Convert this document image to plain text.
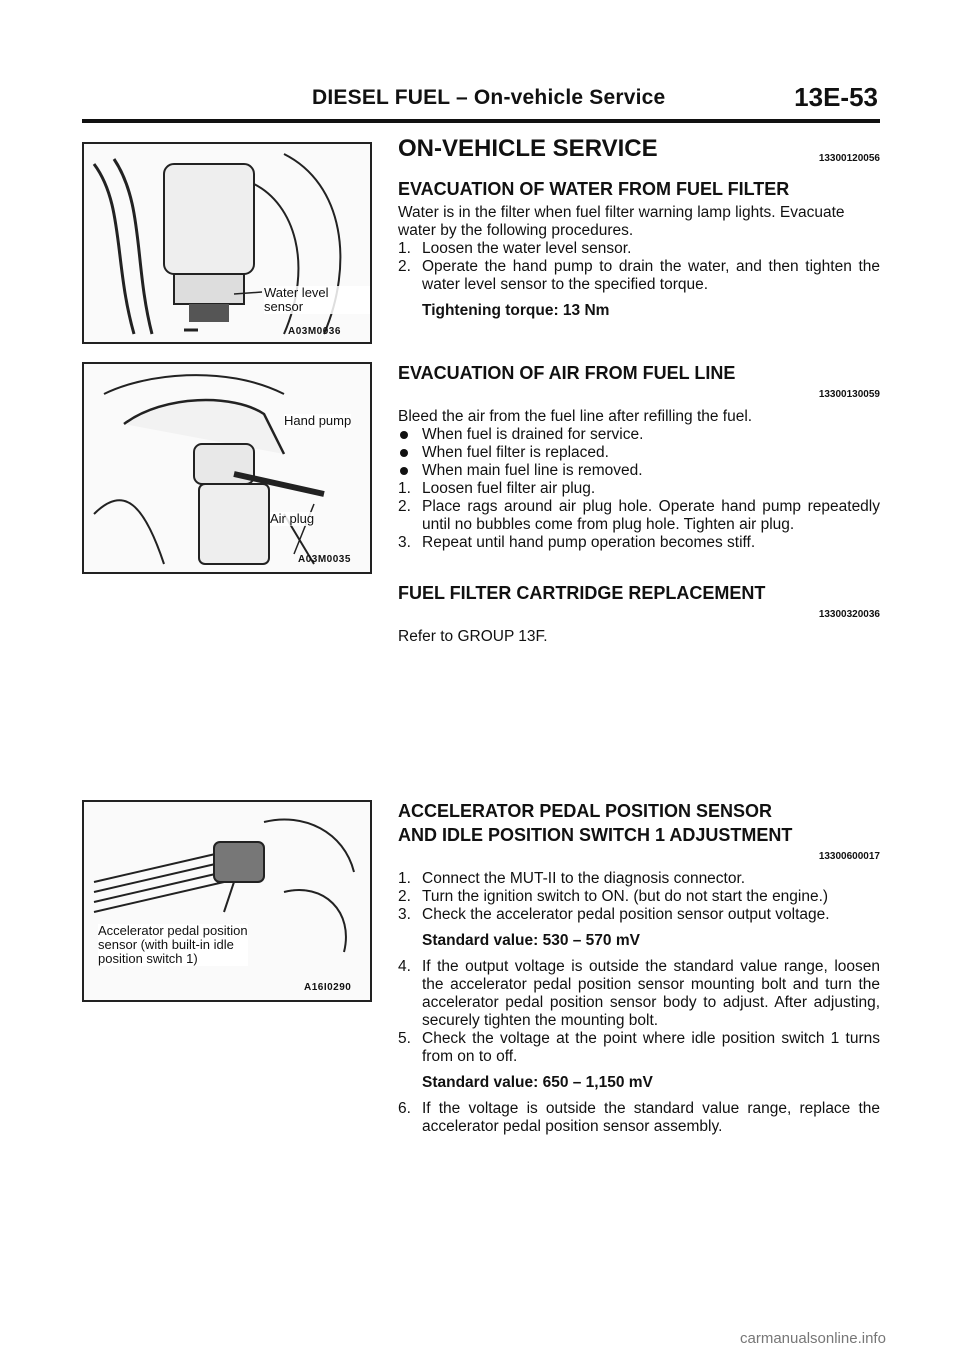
DIESEL FUEL – On-vehicle Service	13E-53
Water level sensor
A03M0036
Hand pump
Air plug
A03M0035
Accelerator pedal position sensor (with built-in idle position switch 1)
A16I0290
ON-VEHICLE SERVICE	13300120056
EVACUATION OF WATER FROM FUEL FILTER

Water is in the filter when fuel filter warning lamp lights. Evacuate water by the following procedures.

1. Loosen the water level sensor.
2. Operate the hand pump to drain the water, and then tighten the water level sensor to the specified torque.

Tightening torque: 13 Nm

EVACUATION OF AIR FROM FUEL LINE
13300130059

Bleed the air from the fuel line after refilling the fuel.

When fuel is drained for service.
When fuel filter is replaced.
When main fuel line is removed.
1. Loosen fuel filter air plug.
2. Place rags around air plug hole. Operate hand pump repeatedly until no bubbles come from plug hole. Tighten air plug.
3. Repeat until hand pump operation becomes stiff.
FUEL FILTER CARTRIDGE REPLACEMENT
13300320036

Refer to GROUP 13F.

ACCELERATOR PEDAL POSITION SENSOR
AND IDLE POSITION SWITCH 1 ADJUSTMENT
13300600017
1. Connect the MUT-II to the diagnosis connector.
2. Turn the ignition switch to ON. (but do not start the engine.)
3. Check the accelerator pedal position sensor output voltage.

Standard value: 530 – 570 mV

4. If the output voltage is outside the standard value range, loosen the accelerator pedal position sensor mounting bolt and turn the accelerator pedal position sensor body to adjust. After adjusting, securely tighten the mounting bolt.
5. Check the voltage at the point where idle position switch 1 turns from on to off.

Standard value: 650 – 1,150 mV

6. If the voltage is outside the standard value range, replace the accelerator pedal position sensor assembly.
carmanualsonline.info
